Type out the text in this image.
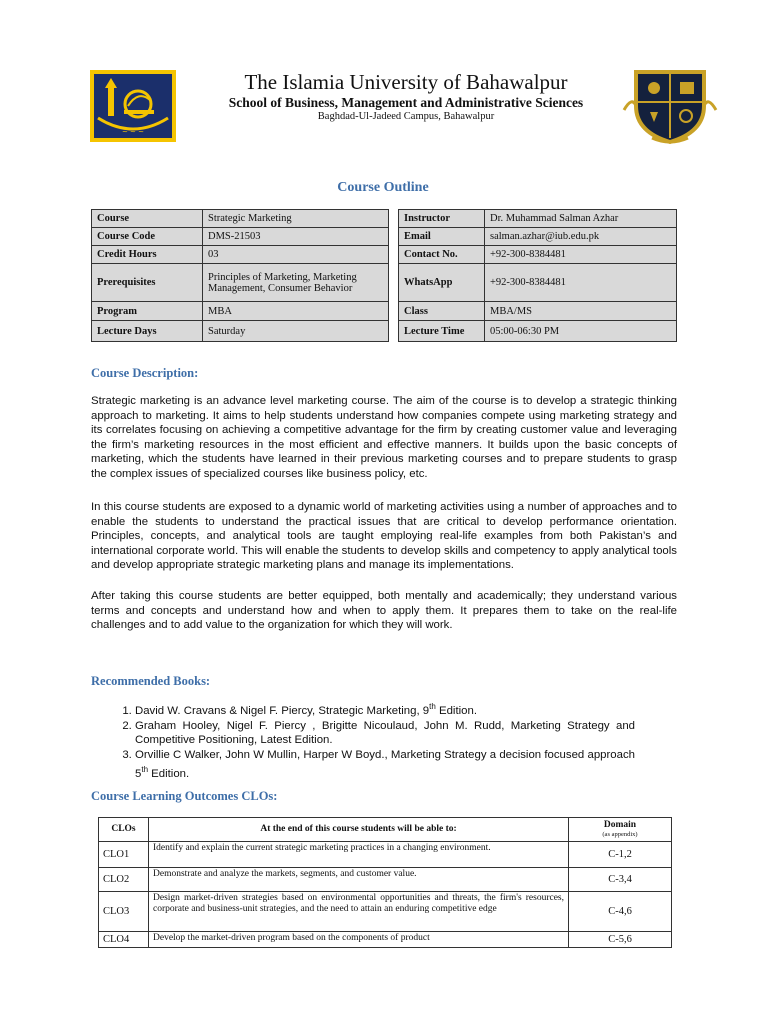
~ ~ ~
The Islamia University of Bahawalpur
School of Business, Management and Administrative Sciences
Baghdad-Ul-Jadeed Campus, Bahawalpur
Course Outline
Course	Strategic Marketing		Instructor	Dr. Muhammad Salman Azhar
Course Code	DMS-21503		Email	salman.azhar@iub.edu.pk
Credit Hours	03		Contact No.	+92-300-8384481
Prerequisites	Principles of Marketing, Marketing Management, Consumer Behavior		WhatsApp	+92-300-8384481
Program	MBA		Class	MBA/MS
Lecture Days	Saturday		Lecture Time	05:00-06:30 PM
Course Description:

Strategic marketing is an advance level marketing course. The aim of the course is to develop a strategic thinking approach to marketing. It aims to help students understand how companies compete using marketing strategy and its correlates focusing on achieving a competitive advantage for the firm by creating customer value and leveraging the firm’s marketing resources in the most efficient and effective manners. It builds upon the basic concepts of marketing, which the students have learned in their previous marketing courses and to prepare students to grasp the complex issues of specialized courses like business policy, etc.

In this course students are exposed to a dynamic world of marketing activities using a number of approaches and to enable the students to understand the practical issues that are critical to develop performance orientation. Principles, concepts, and analytical tools are taught employing real-life examples from both Pakistan’s and international corporate world. This will enable the students to develop skills and competency to apply analytical tools and develop appropriate strategic marketing plans and manage its implementations.

After taking this course students are better equipped, both mentally and academically; they understand various terms and concepts and understand how and when to apply them. It prepares them to take on the real-life challenges and to add value to the organization for which they will work.

Recommended Books:
1. David W. Cravans & Nigel F. Piercy, Strategic Marketing, 9th Edition.
2. Graham Hooley, Nigel F. Piercy , Brigitte Nicoulaud, John M. Rudd, Marketing Strategy and Competitive Positioning, Latest Edition.
3. Orvillie C Walker, John W Mullin, Harper W Boyd., Marketing Strategy a decision focused approach 5th Edition.
Course Learning Outcomes CLOs:
CLOs	At the end of this course students will be able to:	Domain
(as appendix)

CLO1	Identify and explain the current strategic marketing practices in a changing environment.	C-1,2
CLO2	Demonstrate and analyze the markets, segments, and customer value.	C-3,4
CLO3	Design market-driven strategies based on environmental opportunities and threats, the firm's resources, corporate and business-unit strategies, and the need to attain an enduring competitive edge	C-4,6
CLO4	Develop the market-driven program based on the components of product	C-5,6
